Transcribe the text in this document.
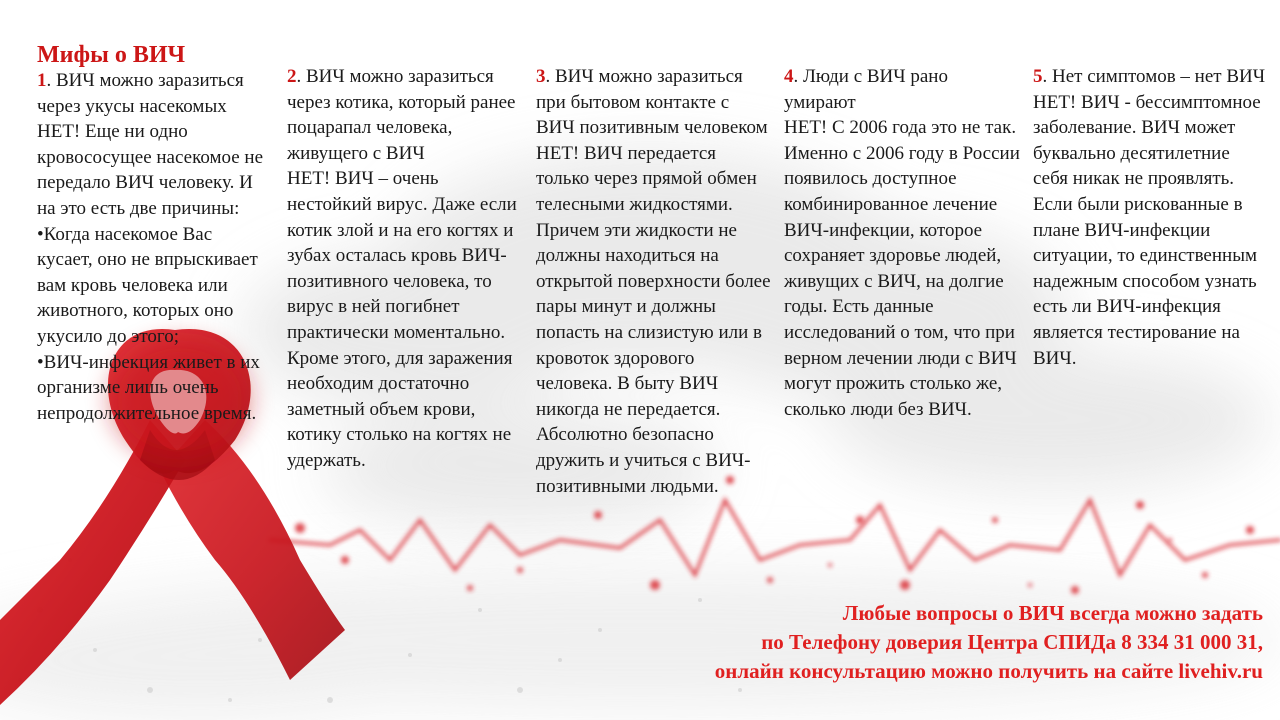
Мифы о ВИЧ

1. ВИЧ можно заразиться через укусы насекомых

НЕТ! Еще ни одно кровососущее насекомое не передало ВИЧ человеку. И на это есть две причины:

• Когда насекомое Вас кусает, оно не впрыскивает вам кровь человека или животного, которых оно укусило до этого;

• ВИЧ-инфекция живет в их организме лишь очень непродолжительное время.

2. ВИЧ можно заразиться через котика, который ранее поцарапал человека, живущего с ВИЧ

НЕТ! ВИЧ – очень нестойкий вирус. Даже если котик злой и на его когтях и зубах осталась кровь ВИЧ-позитивного человека, то вирус в ней погибнет практически моментально. Кроме этого, для заражения необходим достаточно заметный объем крови, котику столько на когтях не удержать.

3. ВИЧ можно заразиться при бытовом контакте с ВИЧ позитивным человеком

НЕТ! ВИЧ передается только через прямой обмен телесными жидкостями. Причем эти жидкости не должны находиться на открытой поверхности более пары минут и должны попасть на слизистую или в кровоток здорового человека. В быту ВИЧ никогда не передается. Абсолютно безопасно дружить и учиться с ВИЧ-позитивными людьми.

4. Люди с ВИЧ рано умирают

НЕТ! С 2006 года это не так. Именно с 2006 году в России появилось доступное комбинированное лечение ВИЧ-инфекции, которое сохраняет здоровье людей, живущих с ВИЧ, на долгие годы. Есть данные исследований о том, что при верном лечении люди с ВИЧ могут прожить столько же, сколько люди без ВИЧ.

5. Нет симптомов – нет ВИЧ

НЕТ! ВИЧ - бессимптомное заболевание. ВИЧ может буквально десятилетние себя никак не проявлять. Если были рискованные в плане ВИЧ-инфекции ситуации, то единственным надежным способом узнать есть ли ВИЧ-инфекция является тестирование на ВИЧ.

Любые вопросы о ВИЧ всегда можно задать

по Телефону доверия Центра СПИДа 8 334 31 000 31,

онлайн консультацию можно получить на сайте livehiv.ru
